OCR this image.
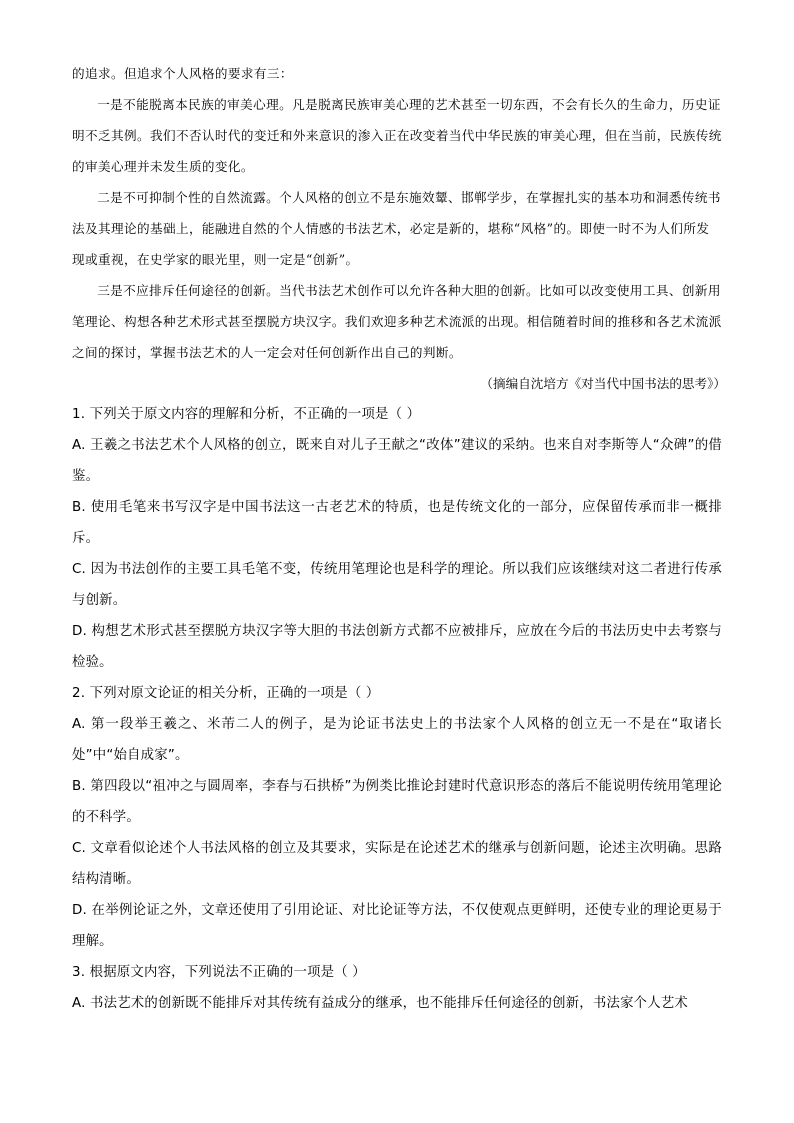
的追求。但追求个人风格的要求有三：

一是不能脱离本民族的审美心理。凡是脱离民族审美心理的艺术甚至一切东西，不会有长久的生命力，历史证明不乏其例。我们不否认时代的变迁和外来意识的渗入正在改变着当代中华民族的审美心理，但在当前，民族传统的审美心理并未发生质的变化。

二是不可抑制个性的自然流露。个人风格的创立不是东施效颦、邯郸学步，在掌握扎实的基本功和洞悉传统书法及其理论的基础上，能融进自然的个人情感的书法艺术，必定是新的，堪称“风格”的。即使一时不为人们所发现或重视，在史学家的眼光里，则一定是“创新”。

三是不应排斥任何途径的创新。当代书法艺术创作可以允许各种大胆的创新。比如可以改变使用工具、创新用笔理论、构想各种艺术形式甚至摆脱方块汉字。我们欢迎多种艺术流派的出现。相信随着时间的推移和各艺术流派之间的探讨，掌握书法艺术的人一定会对任何创新作出自己的判断。

（摘编自沈培方《对当代中国书法的思考》）

1. 下列关于原文内容的理解和分析，不正确的一项是（ ）

A. 王羲之书法艺术个人风格的创立，既来自对儿子王献之“改体”建议的采纳。也来自对李斯等人“众碑”的借鉴。

B. 使用毛笔来书写汉字是中国书法这一古老艺术的特质，也是传统文化的一部分，应保留传承而非一概排斥。

C. 因为书法创作的主要工具毛笔不变，传统用笔理论也是科学的理论。所以我们应该继续对这二者进行传承与创新。

D. 构想艺术形式甚至摆脱方块汉字等大胆的书法创新方式都不应被排斥，应放在今后的书法历史中去考察与检验。

2. 下列对原文论证的相关分析，正确的一项是（ ）

A. 第一段举王羲之、米芾二人的例子，是为论证书法史上的书法家个人风格的创立无一不是在“取诸长处”中“始自成家”。

B. 第四段以“祖冲之与圆周率，李春与石拱桥”为例类比推论封建时代意识形态的落后不能说明传统用笔理论的不科学。

C. 文章看似论述个人书法风格的创立及其要求，实际是在论述艺术的继承与创新问题，论述主次明确。思路结构清晰。

D. 在举例论证之外，文章还使用了引用论证、对比论证等方法，不仅使观点更鲜明，还使专业的理论更易于理解。

3. 根据原文内容，下列说法不正确的一项是（ ）

A. 书法艺术的创新既不能排斥对其传统有益成分的继承，也不能排斥任何途径的创新，书法家个人艺术
